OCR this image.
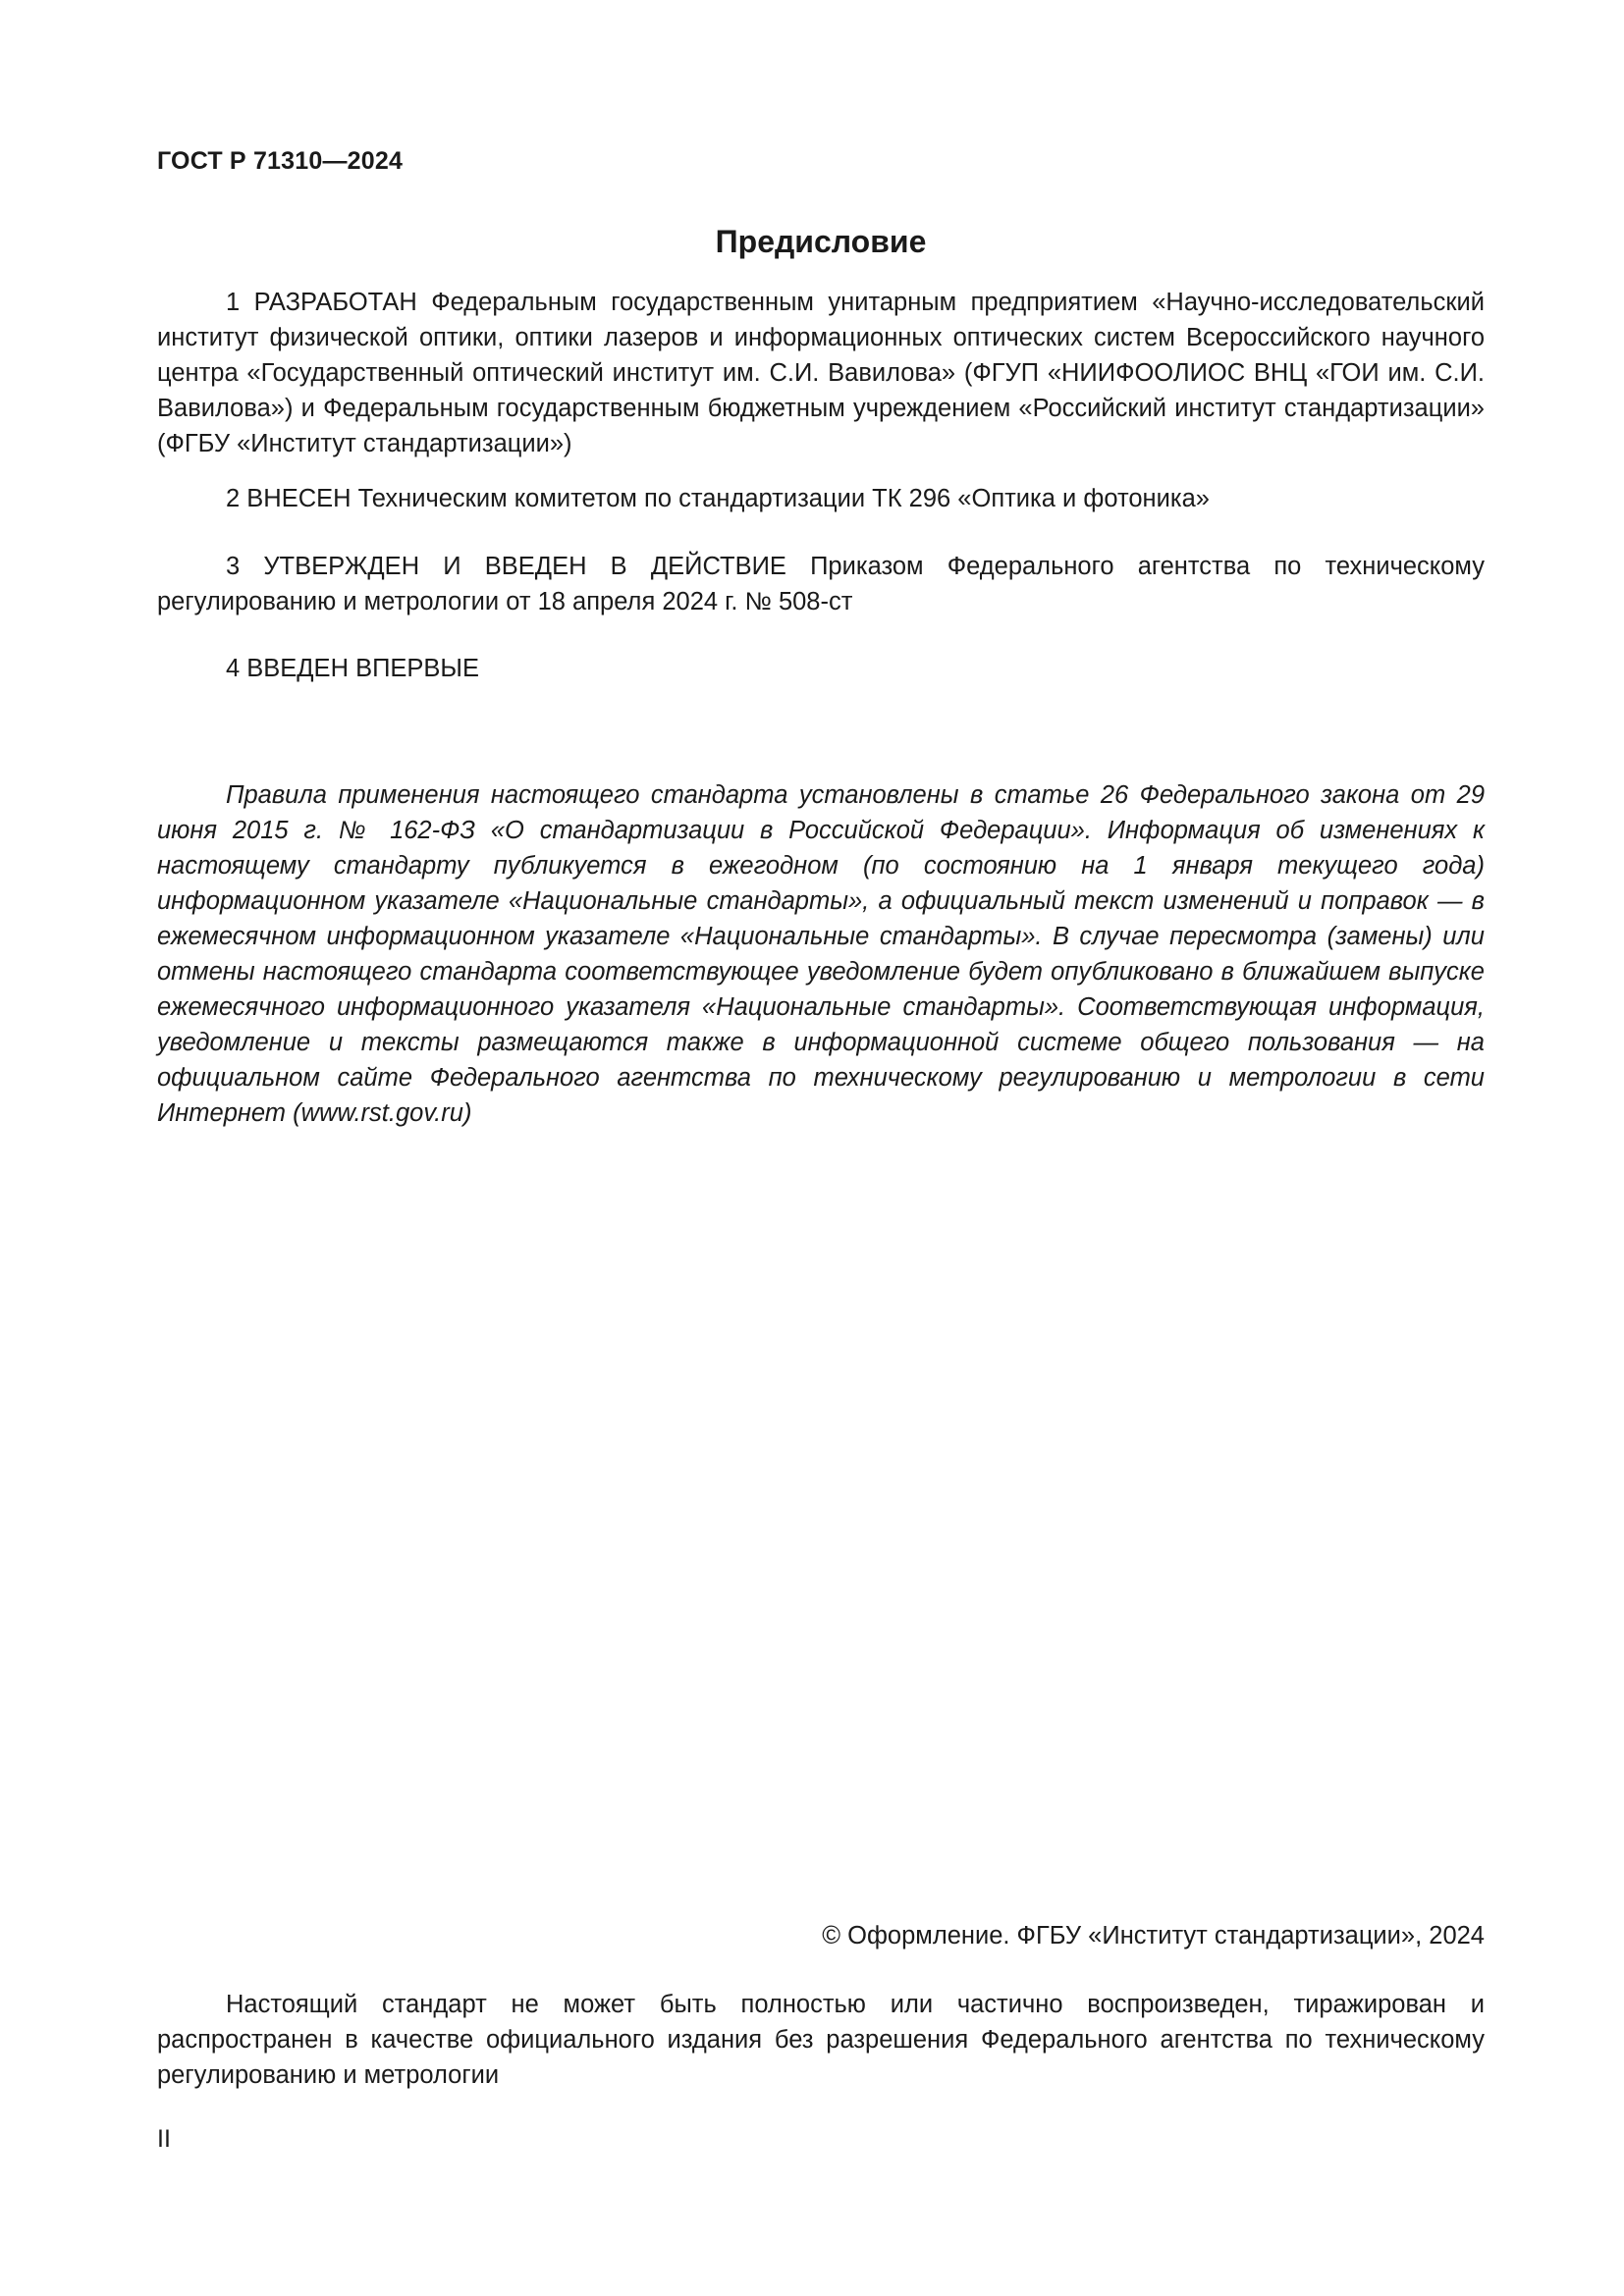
ГОСТ Р 71310—2024
Предисловие
1 РАЗРАБОТАН Федеральным государственным унитарным предприятием «Научно-исследовательский институт физической оптики, оптики лазеров и информационных оптических систем Всероссийского научного центра «Государственный оптический институт им. С.И. Вавилова» (ФГУП «НИИФООЛИОС ВНЦ «ГОИ им. С.И. Вавилова») и Федеральным государственным бюджетным учреждением «Российский институт стандартизации» (ФГБУ «Институт стандартизации»)
2 ВНЕСЕН Техническим комитетом по стандартизации ТК 296 «Оптика и фотоника»
3 УТВЕРЖДЕН И ВВЕДЕН В ДЕЙСТВИЕ Приказом Федерального агентства по техническому регулированию и метрологии от 18 апреля 2024 г. № 508-ст
4 ВВЕДЕН ВПЕРВЫЕ
Правила применения настоящего стандарта установлены в статье 26 Федерального закона от 29 июня 2015 г. № 162-ФЗ «О стандартизации в Российской Федерации». Информация об изменениях к настоящему стандарту публикуется в ежегодном (по состоянию на 1 января текущего года) информационном указателе «Национальные стандарты», а официальный текст изменений и поправок — в ежемесячном информационном указателе «Национальные стандарты». В случае пересмотра (замены) или отмены настоящего стандарта соответствующее уведомление будет опубликовано в ближайшем выпуске ежемесячного информационного указателя «Национальные стандарты». Соответствующая информация, уведомление и тексты размещаются также в информационной системе общего пользования — на официальном сайте Федерального агентства по техническому регулированию и метрологии в сети Интернет (www.rst.gov.ru)
© Оформление. ФГБУ «Институт стандартизации», 2024
Настоящий стандарт не может быть полностью или частично воспроизведен, тиражирован и распространен в качестве официального издания без разрешения Федерального агентства по техническому регулированию и метрологии
II
